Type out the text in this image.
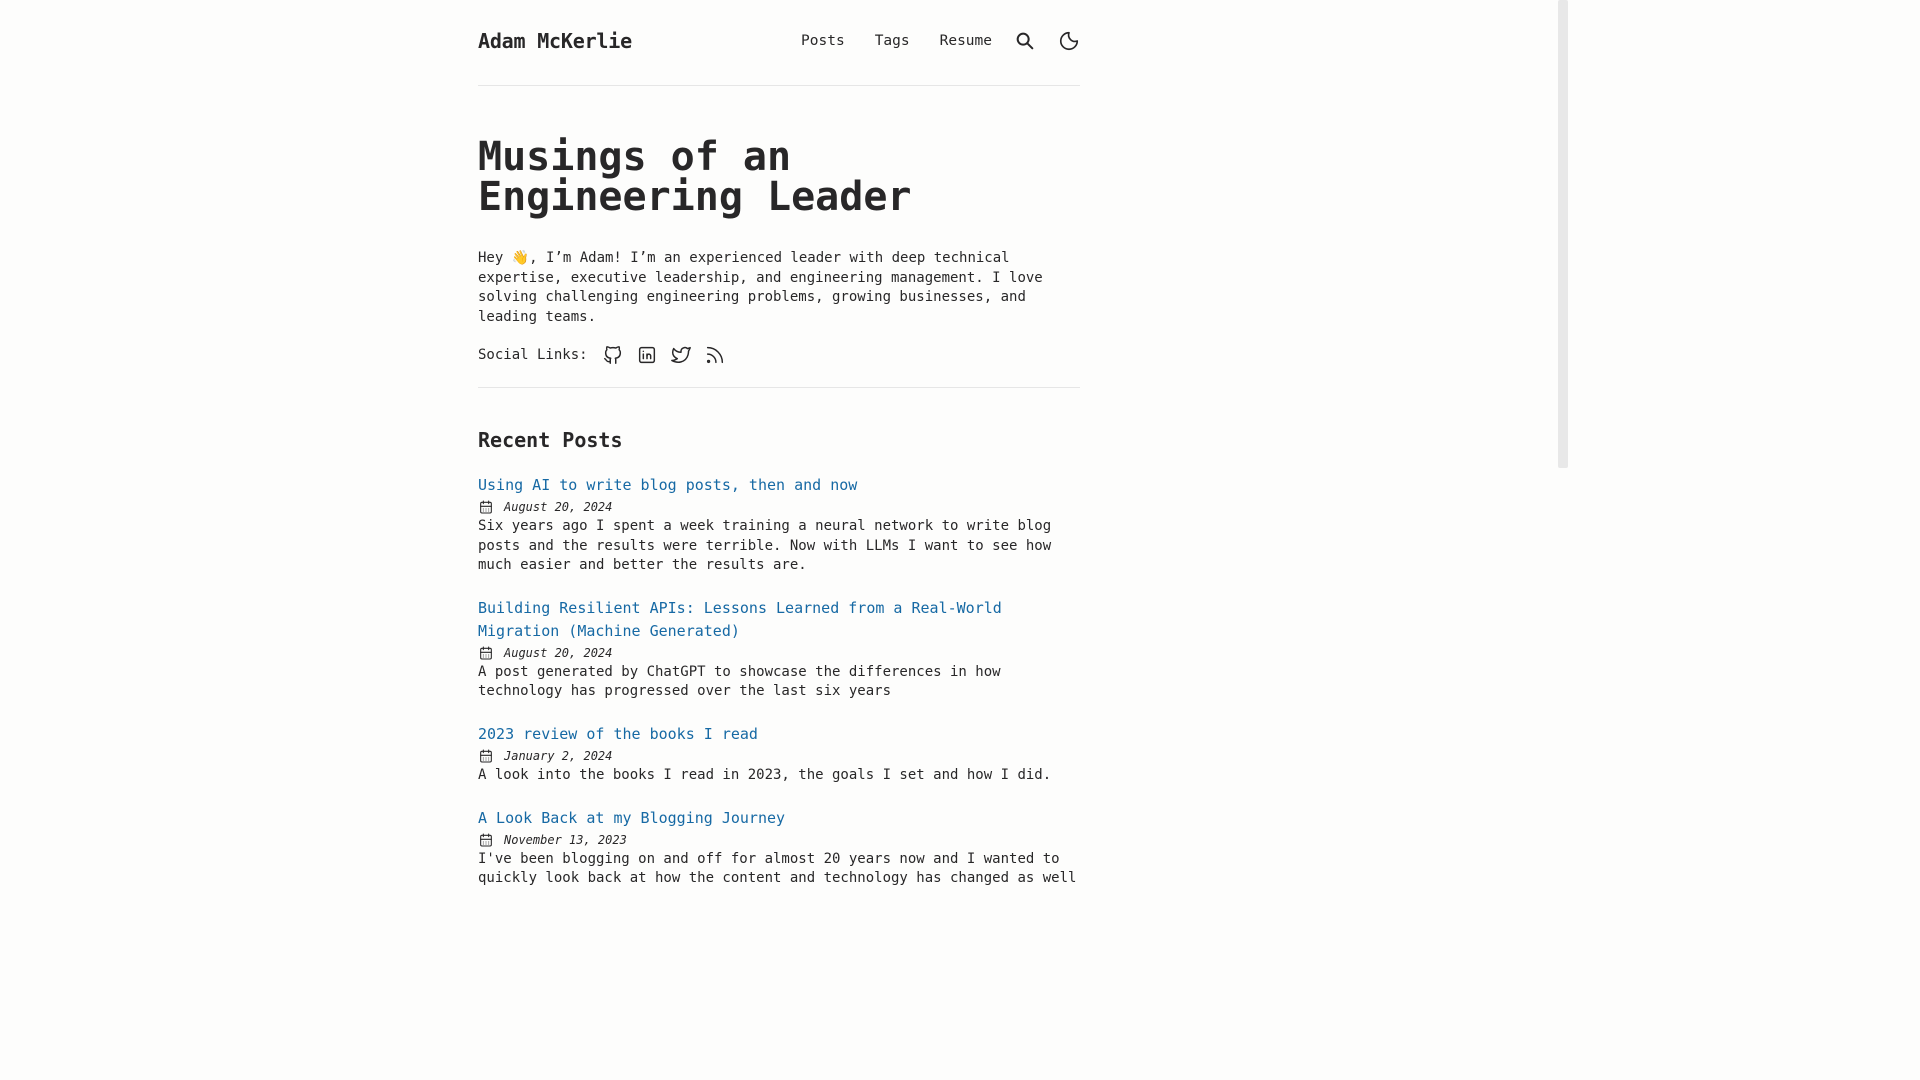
Adam McKerlie	Posts Tags Resume
Musings of an Engineering Leader

Hey 👋, I’m Adam! I’m an experienced leader with deep technical expertise, executive leadership, and engineering management. I love solving challenging engineering problems, growing businesses, and leading teams.

Social Links:
Recent Posts
Using AI to write blog posts, then and now
August 20, 2024

Six years ago I spent a week training a neural network to write blog posts and the results were terrible. Now with LLMs I want to see how much easier and better the results are.

Building Resilient APIs: Lessons Learned from a Real-World Migration (Machine Generated)
August 20, 2024

A post generated by ChatGPT to showcase the differences in how technology has progressed over the last six years

2023 review of the books I read
January 2, 2024

A look into the books I read in 2023, the goals I set and how I did.

A Look Back at my Blogging Journey
November 13, 2023

I've been blogging on and off for almost 20 years now and I wanted to quickly look back at how the content and technology has changed as well
